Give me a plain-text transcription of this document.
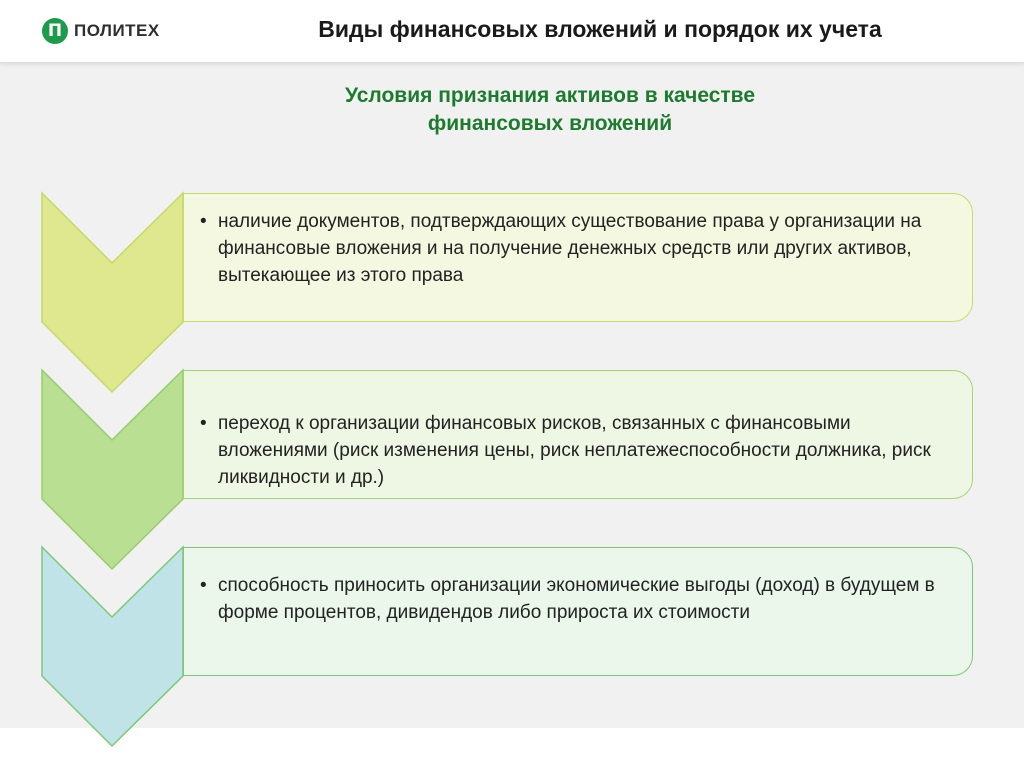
П ПОЛИТЕХ	Виды финансовых вложений и порядок их учета
Условия признания активов в качестве
финансовых вложений
• наличие документов, подтверждающих существование права у организации на финансовые вложения и на получение денежных средств или других активов, вытекающее из этого права
• переход к организации финансовых рисков, связанных с финансовыми вложениями (риск изменения цены, риск неплатежеспособности должника, риск ликвидности и др.)
• способность приносить организации экономические выгоды (доход) в будущем в форме процентов, дивидендов либо прироста их стоимости
